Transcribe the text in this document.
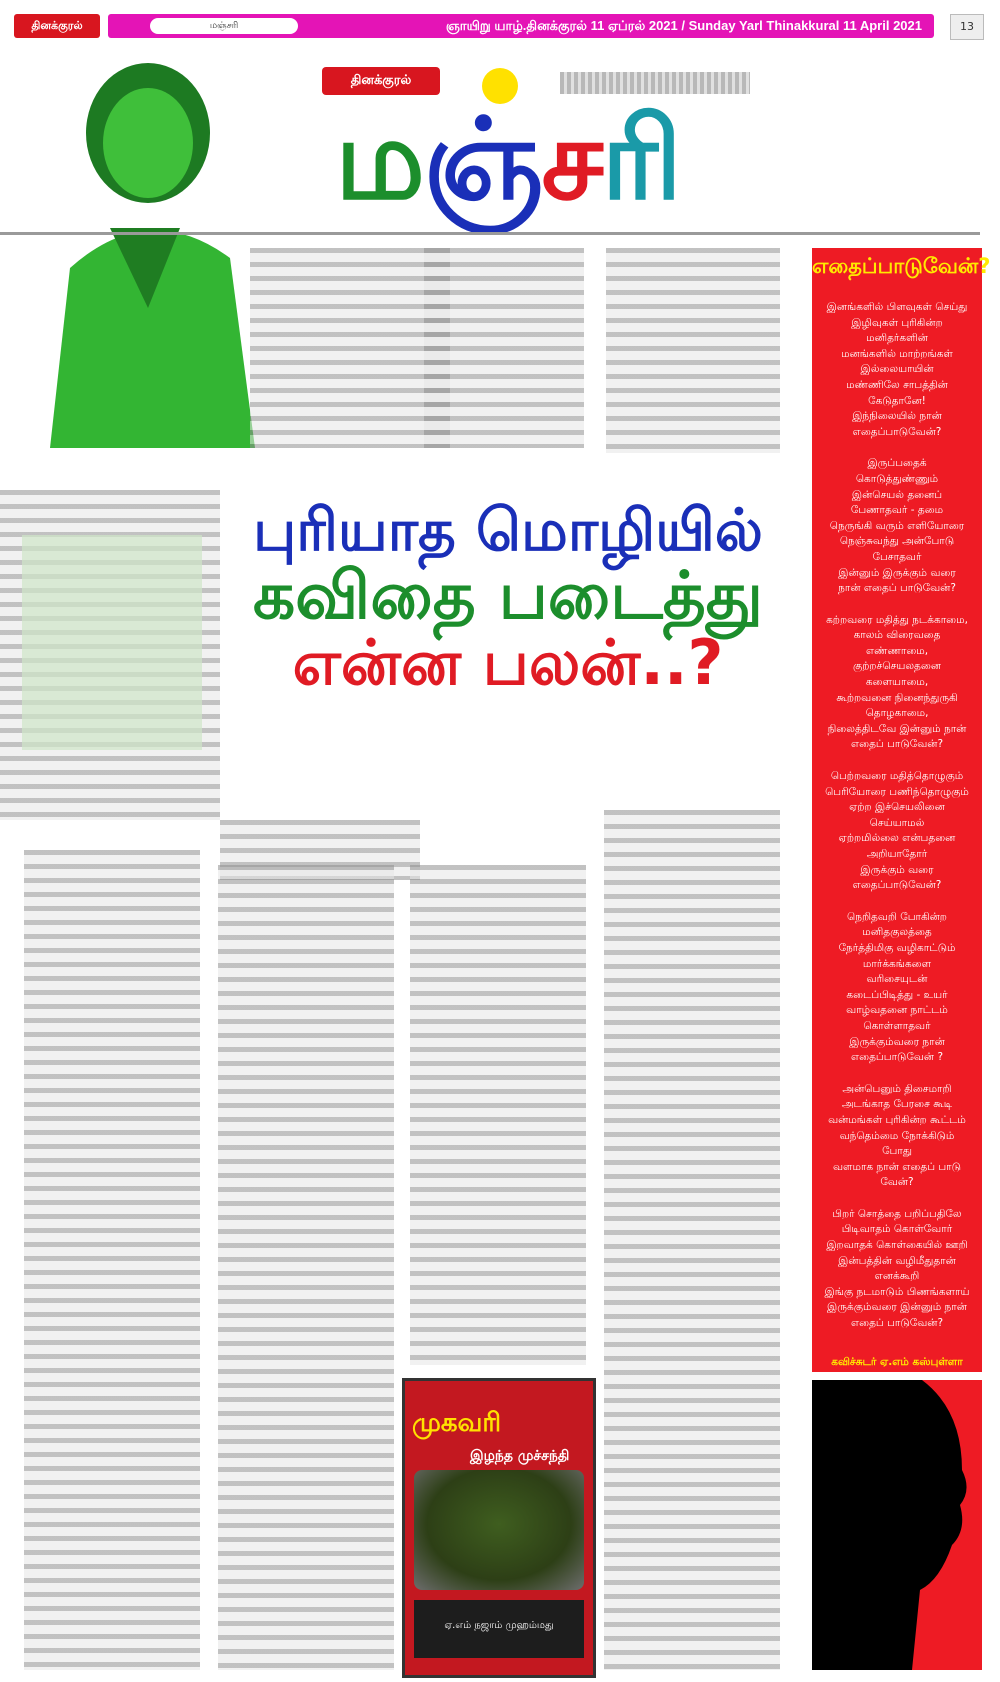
தினக்குரல்	மஞ்சரி	ஞாயிறு யாழ்.தினக்குரல் 11 ஏப்ரல் 2021 / Sunday Yarl Thinakkural 11 April 2021	13
தினக்குரல்
மஞ்சரி
புரியாத மொழியில்
கவிதை படைத்து
என்ன பலன்..?
முகவரி
இழந்த முச்சந்தி
ஏ.எம் நஜாம் முஹம்மது
எதைப்பாடுவேன்?
இனங்களில் பிளவுகள் செய்து
இழிவுகள் புரிகின்ற
மனிதர்களின்
மனங்களில் மாற்றங்கள்
இல்லையாயின்
மண்ணிலே சாபத்தின்
கேடுதானே!
இந்நிலையில் நான்
எதைப்பாடுவேன்?
இருப்பதைக்
கொடுத்துண்ணும்
இன்செயல் தனைப்
பேணாதவர் - தமை
நெருங்கி வரும் எளியோரை
நெஞ்சுவந்து அன்போடு
பேசாதவர்
இன்னும் இருக்கும் வரை
நான் எதைப் பாடுவேன்?
கற்றவரை மதித்து நடக்காமை,
காலம் விரைவதை
எண்ணாமை,
குற்றச்செயலதனை
களையாமை,
கூற்றவனை நினைந்துருகி
தொழகாமை,
நிலைத்திடவே இன்னும் நான்
எதைப் பாடுவேன்?
பெற்றவரை மதித்தொழுகும்
பெரியோரை பணிந்தொழுகும்
ஏற்ற இச்செயலினை
செய்யாமல்
ஏற்றமில்லை என்பதனை
அறியாதோர்
இருக்கும் வரை
எதைப்பாடுவேன்?
நெறிதவறி போகின்ற
மனிதகுலத்தை
நேர்த்திமிகு வழிகாட்டும்
மார்க்கங்களை
வரிசையுடன்
கடைப்பிடித்து - உயர்
வாழ்வதனை நாட்டம்
கொள்ளாதவர்
இருக்கும்வரை நான்
எதைப்பாடுவேன் ?
அன்பெனும் திசைமாறி
அடங்காத பேரசை கூடி
வன்மங்கள் புரிகின்ற கூட்டம்
வந்தெம்மை நோக்கிடும்
போது
வளமாக நான் எதைப் பாடு
வேன்?
பிறர் சொத்தை பறிப்பதிலே
பிடிவாதம் கொள்வோர்
இறவாதக் கொள்கையில் ஊறி
இன்பத்தின் வழிமீதுதான்
எனக்கூறி
இங்கு நடமாடும் பிணங்களாய்
இருக்கும்வரை இன்னும் நான்
எதைப் பாடுவேன்?
கவிச்சுடர் ஏ.எம் கஸ்புள்ளா
